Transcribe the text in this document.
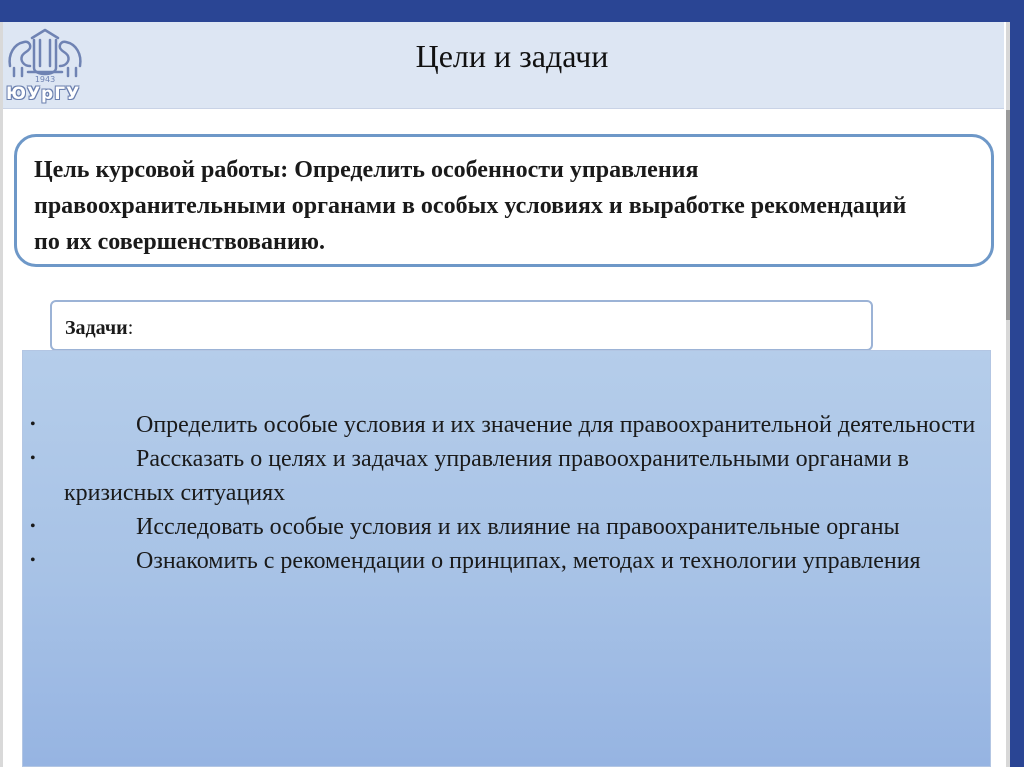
1943
ЮУрГУ
Цели и задачи

Цель курсовой работы: Определить особенности управления правоохранительными органами в особых условиях и выработке рекомендаций по их совершенствованию.

Задачи:
•	Определить особые условия и их значение для правоохранительной деятельности
•	Рассказать о целях и задачах управления правоохранительными органами в кризисных ситуациях
•	Исследовать особые условия и их влияние на правоохранительные органы
•	Ознакомить с рекомендации о принципах, методах и технологии управления
